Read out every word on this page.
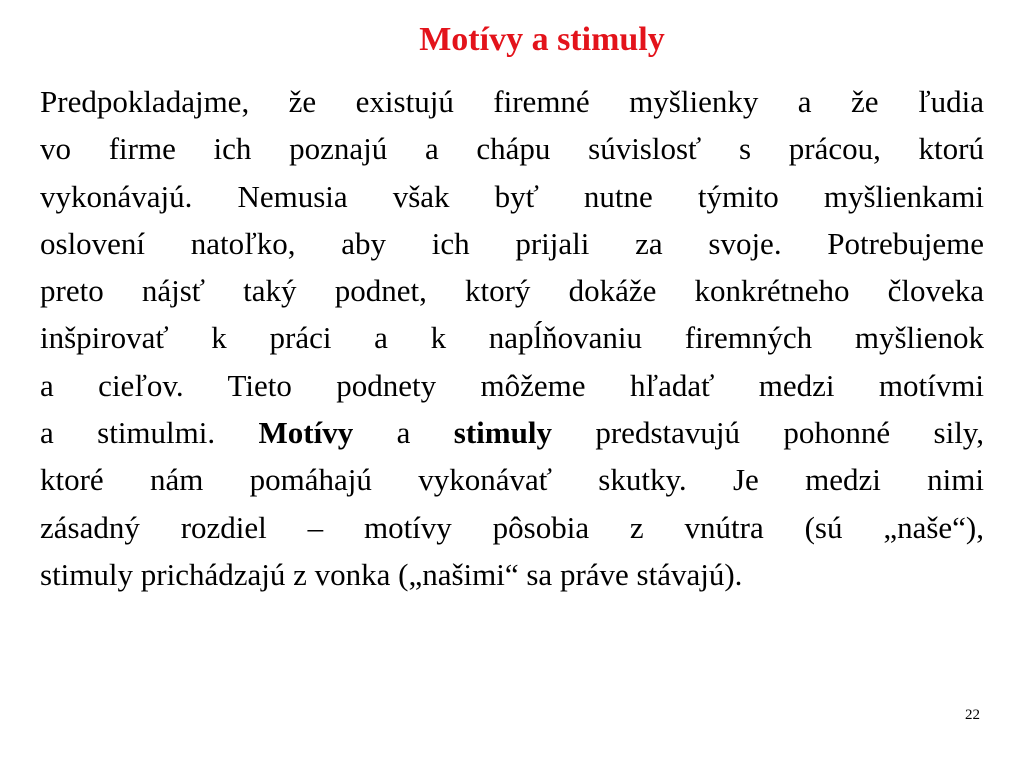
Motívy a stimuly

Predpokladajme, že existujú firemné myšlienky a že ľudia
vo firme ich poznajú a chápu súvislosť s prácou, ktorú
vykonávajú. Nemusia však byť nutne týmito myšlienkami
oslovení natoľko, aby ich prijali za svoje. Potrebujeme
preto nájsť taký podnet, ktorý dokáže konkrétneho človeka
inšpirovať k práci a k napĺňovaniu firemných myšlienok
a cieľov. Tieto podnety môžeme hľadať medzi motívmi
a stimulmi. Motívy a stimuly predstavujú pohonné sily,
ktoré nám pomáhajú vykonávať skutky. Je medzi nimi
zásadný rozdiel – motívy pôsobia z vnútra (sú „naše“),
stimuly prichádzajú z vonka („našimi“ sa práve stávajú).

22
